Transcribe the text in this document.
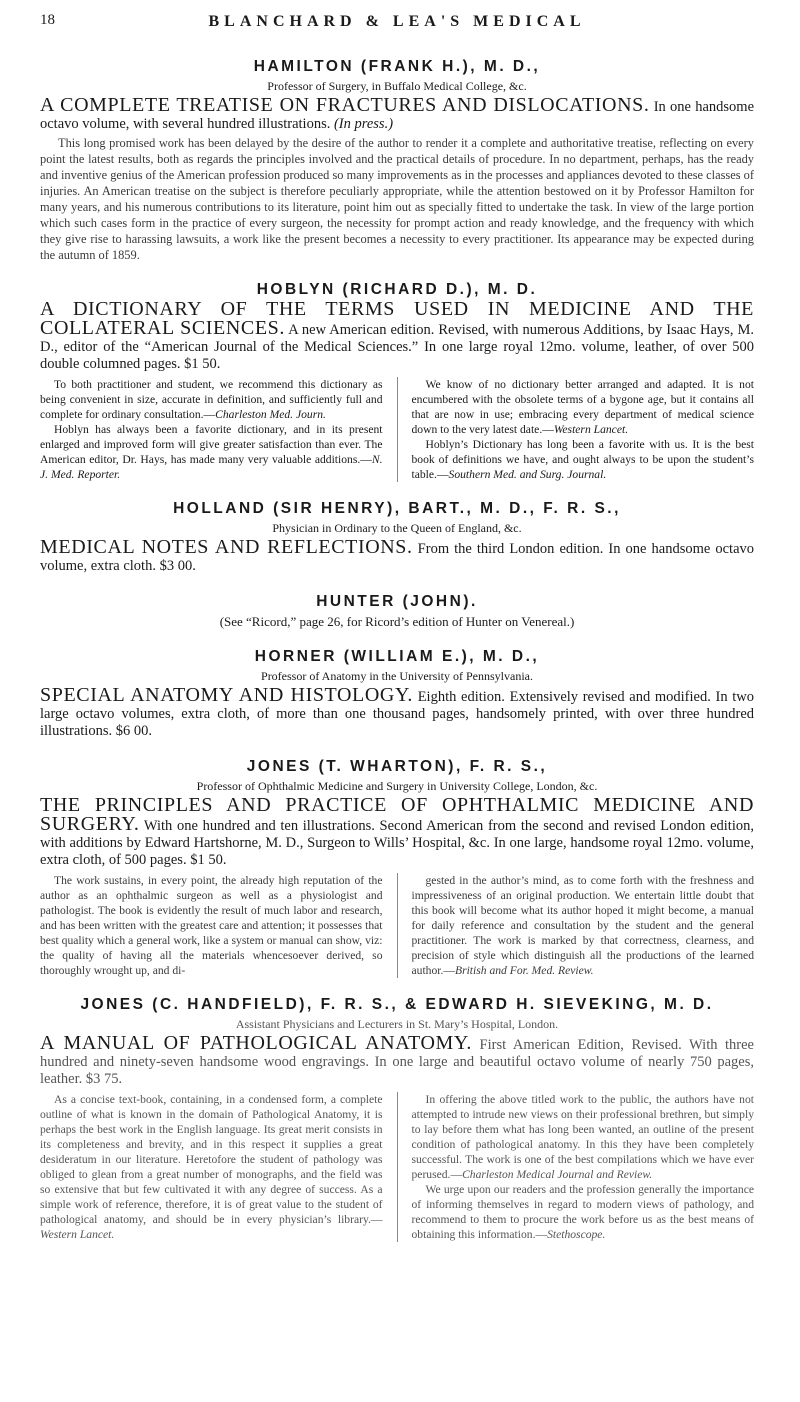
18	BLANCHARD & LEA'S MEDICAL

HAMILTON (FRANK H.), M. D.,

Professor of Surgery, in Buffalo Medical College, &c.

A COMPLETE TREATISE ON FRACTURES AND DISLOCATIONS. In one handsome octavo volume, with several hundred illustrations. (In press.)

This long promised work has been delayed by the desire of the author to render it a complete and authoritative treatise, reflecting on every point the latest results, both as regards the principles involved and the practical details of procedure. In no department, perhaps, has the ready and inventive genius of the American profession produced so many improvements as in the processes and appliances devoted to these classes of injuries. An American treatise on the subject is therefore peculiarly appropriate, while the attention bestowed on it by Professor Hamilton for many years, and his numerous contributions to its literature, point him out as specially fitted to undertake the task. In view of the large portion which such cases form in the practice of every surgeon, the necessity for prompt action and ready knowledge, and the frequency with which they give rise to harassing lawsuits, a work like the present becomes a necessity to every practitioner. Its appearance may be expected during the autumn of 1859.

HOBLYN (RICHARD D.), M. D.

A DICTIONARY OF THE TERMS USED IN MEDICINE AND THE COLLATERAL SCIENCES. A new American edition. Revised, with numerous Additions, by Isaac Hays, M. D., editor of the “American Journal of the Medical Sciences.” In one large royal 12mo. volume, leather, of over 500 double columned pages. $1 50.

To both practitioner and student, we recommend this dictionary as being convenient in size, accurate in definition, and sufficiently full and complete for ordinary consultation.—Charleston Med. Journ.

Hoblyn has always been a favorite dictionary, and in its present enlarged and improved form will give greater satisfaction than ever. The American editor, Dr. Hays, has made many very valuable additions.—N. J. Med. Reporter.

We know of no dictionary better arranged and adapted. It is not encumbered with the obsolete terms of a bygone age, but it contains all that are now in use; embracing every department of medical science down to the very latest date.—Western Lancet.

Hoblyn’s Dictionary has long been a favorite with us. It is the best book of definitions we have, and ought always to be upon the student’s table.—Southern Med. and Surg. Journal.

HOLLAND (SIR HENRY), BART., M. D., F. R. S.,

Physician in Ordinary to the Queen of England, &c.

MEDICAL NOTES AND REFLECTIONS. From the third London edition. In one handsome octavo volume, extra cloth. $3 00.

HUNTER (JOHN).

(See “Ricord,” page 26, for Ricord’s edition of Hunter on Venereal.)

HORNER (WILLIAM E.), M. D.,

Professor of Anatomy in the University of Pennsylvania.

SPECIAL ANATOMY AND HISTOLOGY. Eighth edition. Extensively revised and modified. In two large octavo volumes, extra cloth, of more than one thousand pages, handsomely printed, with over three hundred illustrations. $6 00.

JONES (T. WHARTON), F. R. S.,

Professor of Ophthalmic Medicine and Surgery in University College, London, &c.

THE PRINCIPLES AND PRACTICE OF OPHTHALMIC MEDICINE AND SURGERY. With one hundred and ten illustrations. Second American from the second and revised London edition, with additions by Edward Hartshorne, M. D., Surgeon to Wills’ Hospital, &c. In one large, handsome royal 12mo. volume, extra cloth, of 500 pages. $1 50.

The work sustains, in every point, the already high reputation of the author as an ophthalmic surgeon as well as a physiologist and pathologist. The book is evidently the result of much labor and research, and has been written with the greatest care and attention; it possesses that best quality which a general work, like a system or manual can show, viz: the quality of having all the materials whencesoever derived, so thoroughly wrought up, and di-

gested in the author’s mind, as to come forth with the freshness and impressiveness of an original production. We entertain little doubt that this book will become what its author hoped it might become, a manual for daily reference and consultation by the student and the general practitioner. The work is marked by that correctness, clearness, and precision of style which distinguish all the productions of the learned author.—British and For. Med. Review.

JONES (C. HANDFIELD), F. R. S., & EDWARD H. SIEVEKING, M. D.

Assistant Physicians and Lecturers in St. Mary’s Hospital, London.

A MANUAL OF PATHOLOGICAL ANATOMY. First American Edition, Revised. With three hundred and ninety-seven handsome wood engravings. In one large and beautiful octavo volume of nearly 750 pages, leather. $3 75.

As a concise text-book, containing, in a condensed form, a complete outline of what is known in the domain of Pathological Anatomy, it is perhaps the best work in the English language. Its great merit consists in its completeness and brevity, and in this respect it supplies a great desideratum in our literature. Heretofore the student of pathology was obliged to glean from a great number of monographs, and the field was so extensive that but few cultivated it with any degree of success. As a simple work of reference, therefore, it is of great value to the student of pathological anatomy, and should be in every physician’s library.—Western Lancet.

In offering the above titled work to the public, the authors have not attempted to intrude new views on their professional brethren, but simply to lay before them what has long been wanted, an outline of the present condition of pathological anatomy. In this they have been completely successful. The work is one of the best compilations which we have ever perused.—Charleston Medical Journal and Review.

We urge upon our readers and the profession generally the importance of informing themselves in regard to modern views of pathology, and recommend to them to procure the work before us as the best means of obtaining this information.—Stethoscope.
